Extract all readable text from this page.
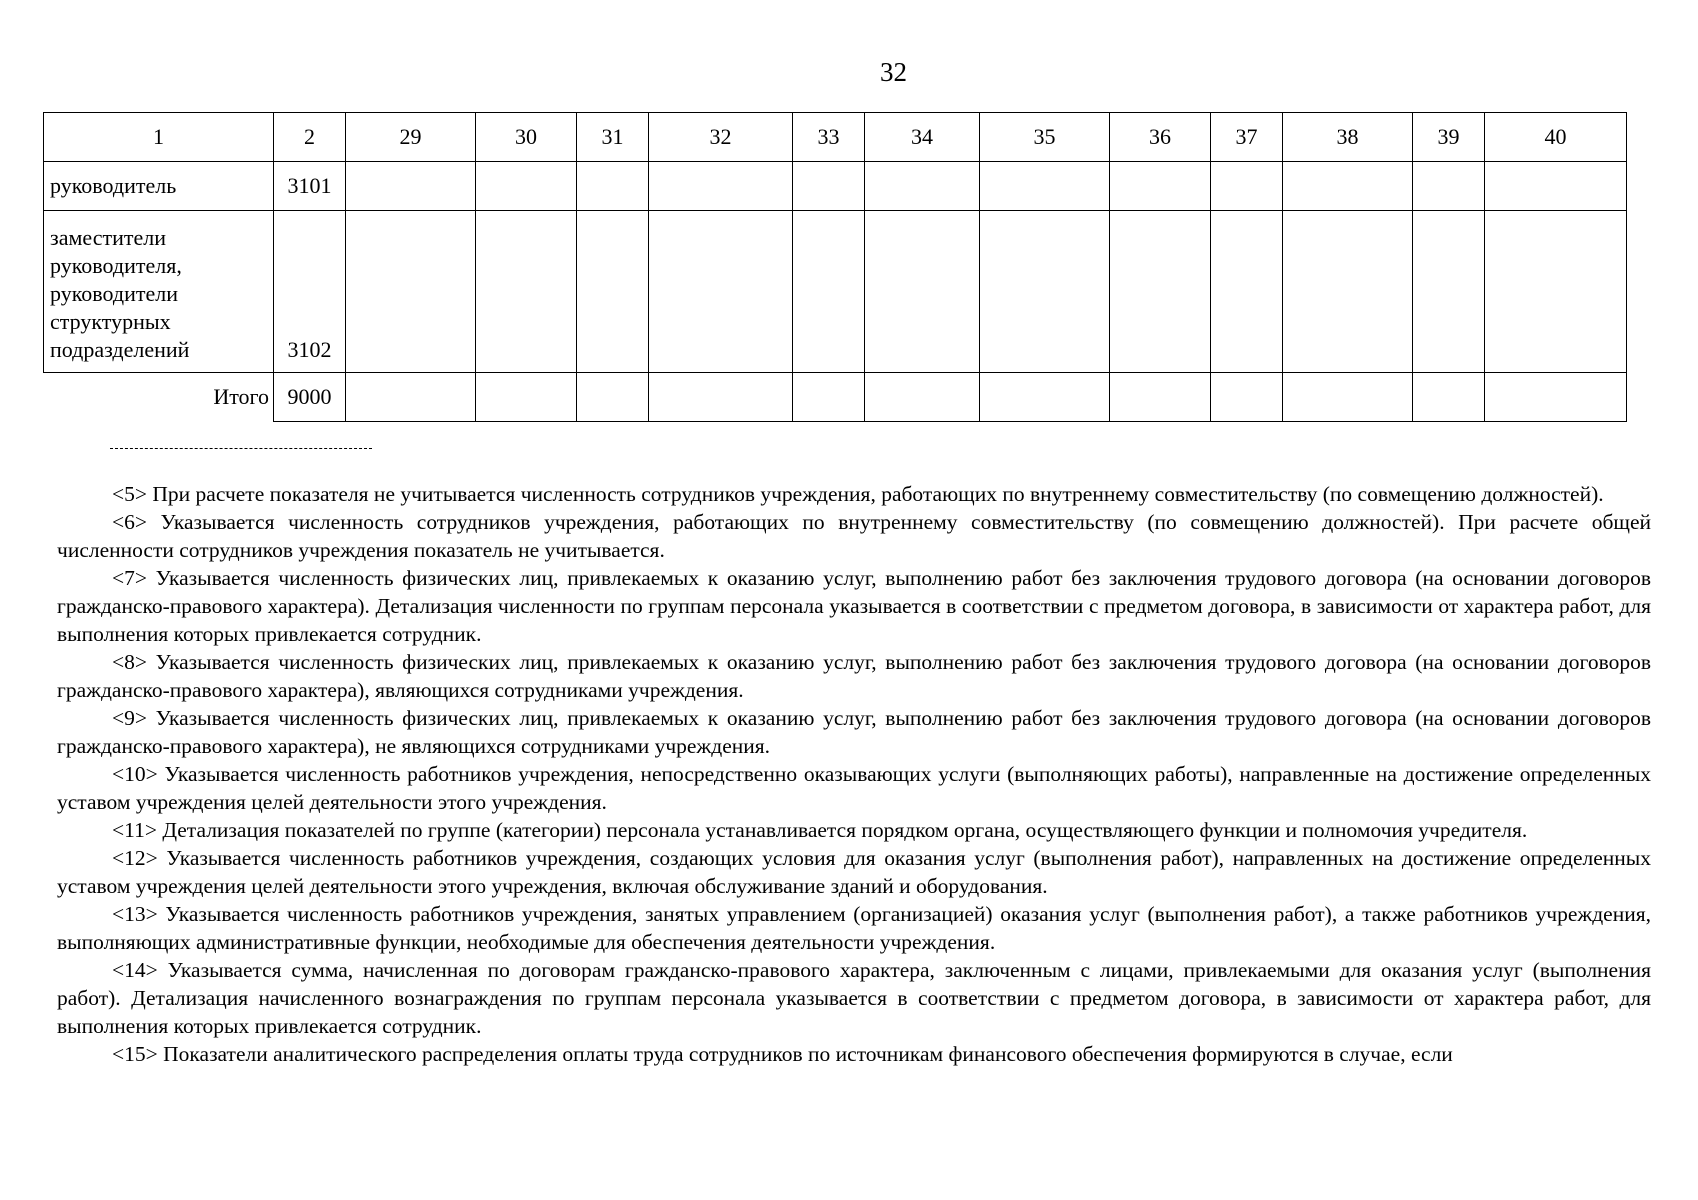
32
1	2	29	30	31	32	33	34	35	36	37	38	39	40
руководитель	3101												
заместители руководителя, руководители структурных подразделений	3102												
Итого	9000												

<5> При расчете показателя не учитывается численность сотрудников учреждения, работающих по внутреннему совместительству (по совмещению должностей).

<6> Указывается численность сотрудников учреждения, работающих по внутреннему совместительству (по совмещению должностей). При расчете общей численности сотрудников учреждения показатель не учитывается.

<7> Указывается численность физических лиц, привлекаемых к оказанию услуг, выполнению работ без заключения трудового договора (на основании договоров гражданско-правового характера). Детализация численности по группам персонала указывается в соответствии с предметом договора, в зависимости от характера работ, для выполнения которых привлекается сотрудник.

<8> Указывается численность физических лиц, привлекаемых к оказанию услуг, выполнению работ без заключения трудового договора (на основании договоров гражданско-правового характера), являющихся сотрудниками учреждения.

<9> Указывается численность физических лиц, привлекаемых к оказанию услуг, выполнению работ без заключения трудового договора (на основании договоров гражданско-правового характера), не являющихся сотрудниками учреждения.

<10> Указывается численность работников учреждения, непосредственно оказывающих услуги (выполняющих работы), направленные на достижение определенных уставом учреждения целей деятельности этого учреждения.

<11> Детализация показателей по группе (категории) персонала устанавливается порядком органа, осуществляющего функции и полномочия учредителя.

<12> Указывается численность работников учреждения, создающих условия для оказания услуг (выполнения работ), направленных на достижение определенных уставом учреждения целей деятельности этого учреждения, включая обслуживание зданий и оборудования.

<13> Указывается численность работников учреждения, занятых управлением (организацией) оказания услуг (выполнения работ), а также работников учреждения, выполняющих административные функции, необходимые для обеспечения деятельности учреждения.

<14> Указывается сумма, начисленная по договорам гражданско-правового характера, заключенным с лицами, привлекаемыми для оказания услуг (выполнения работ). Детализация начисленного вознаграждения по группам персонала указывается в соответствии с предметом договора, в зависимости от характера работ, для выполнения которых привлекается сотрудник.

<15> Показатели аналитического распределения оплаты труда сотрудников по источникам финансового обеспечения формируются в случае, если
